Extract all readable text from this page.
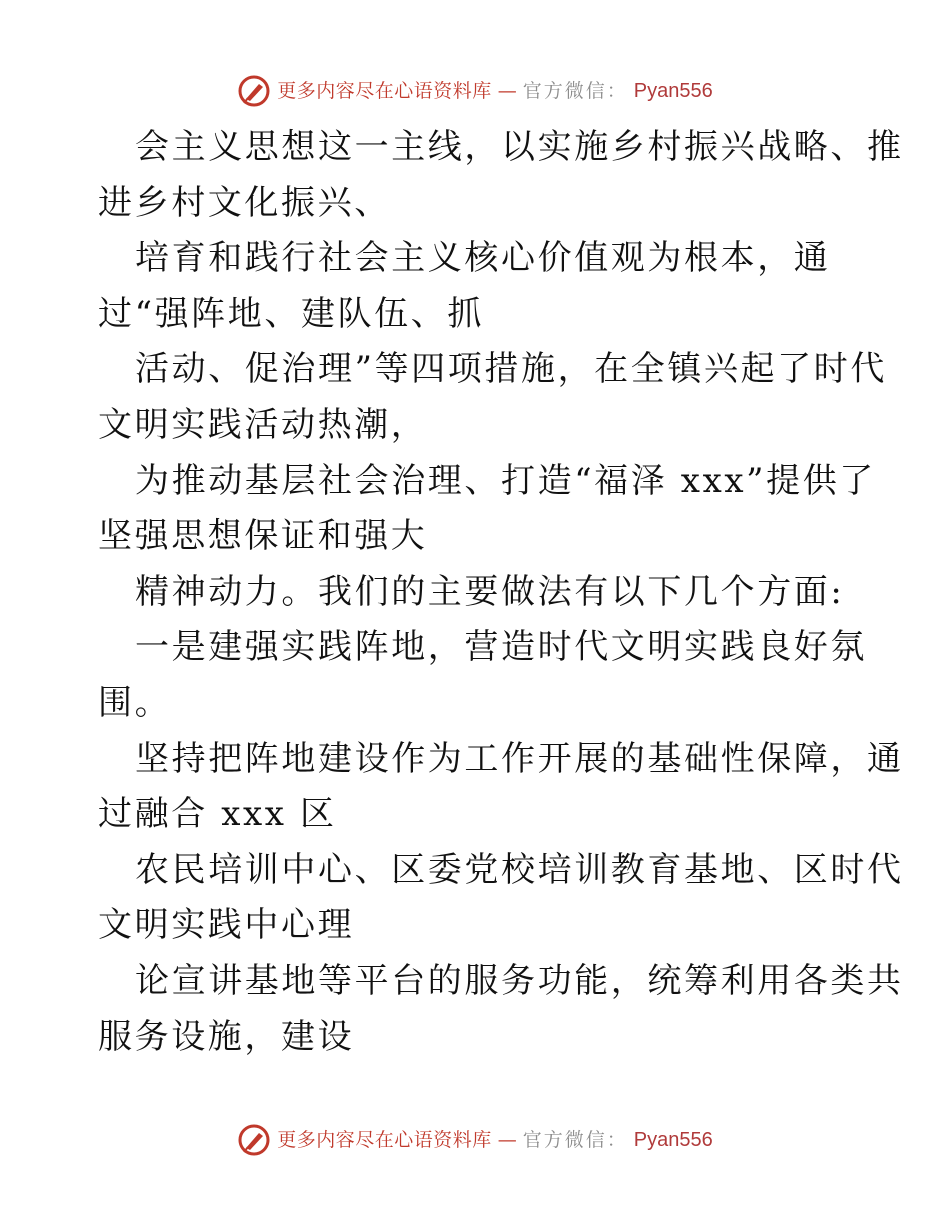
更多内容尽在心语资料库 — 官方微信： Pyan556
会主义思想这一主线，以实施乡村振兴战略、推
进乡村文化振兴、
培育和践行社会主义核心价值观为根本，通
过“强阵地、建队伍、抓
活动、促治理”等四项措施，在全镇兴起了时代
文明实践活动热潮，
为推动基层社会治理、打造“福泽 xxx”提供了
坚强思想保证和强大
精神动力。我们的主要做法有以下几个方面:
一是建强实践阵地，营造时代文明实践良好氛
围。
坚持把阵地建设作为工作开展的基础性保障，通
过融合 xxx 区
农民培训中心、区委党校培训教育基地、区时代
文明实践中心理
论宣讲基地等平台的服务功能，统筹利用各类共
服务设施，建设
更多内容尽在心语资料库 — 官方微信： Pyan556
